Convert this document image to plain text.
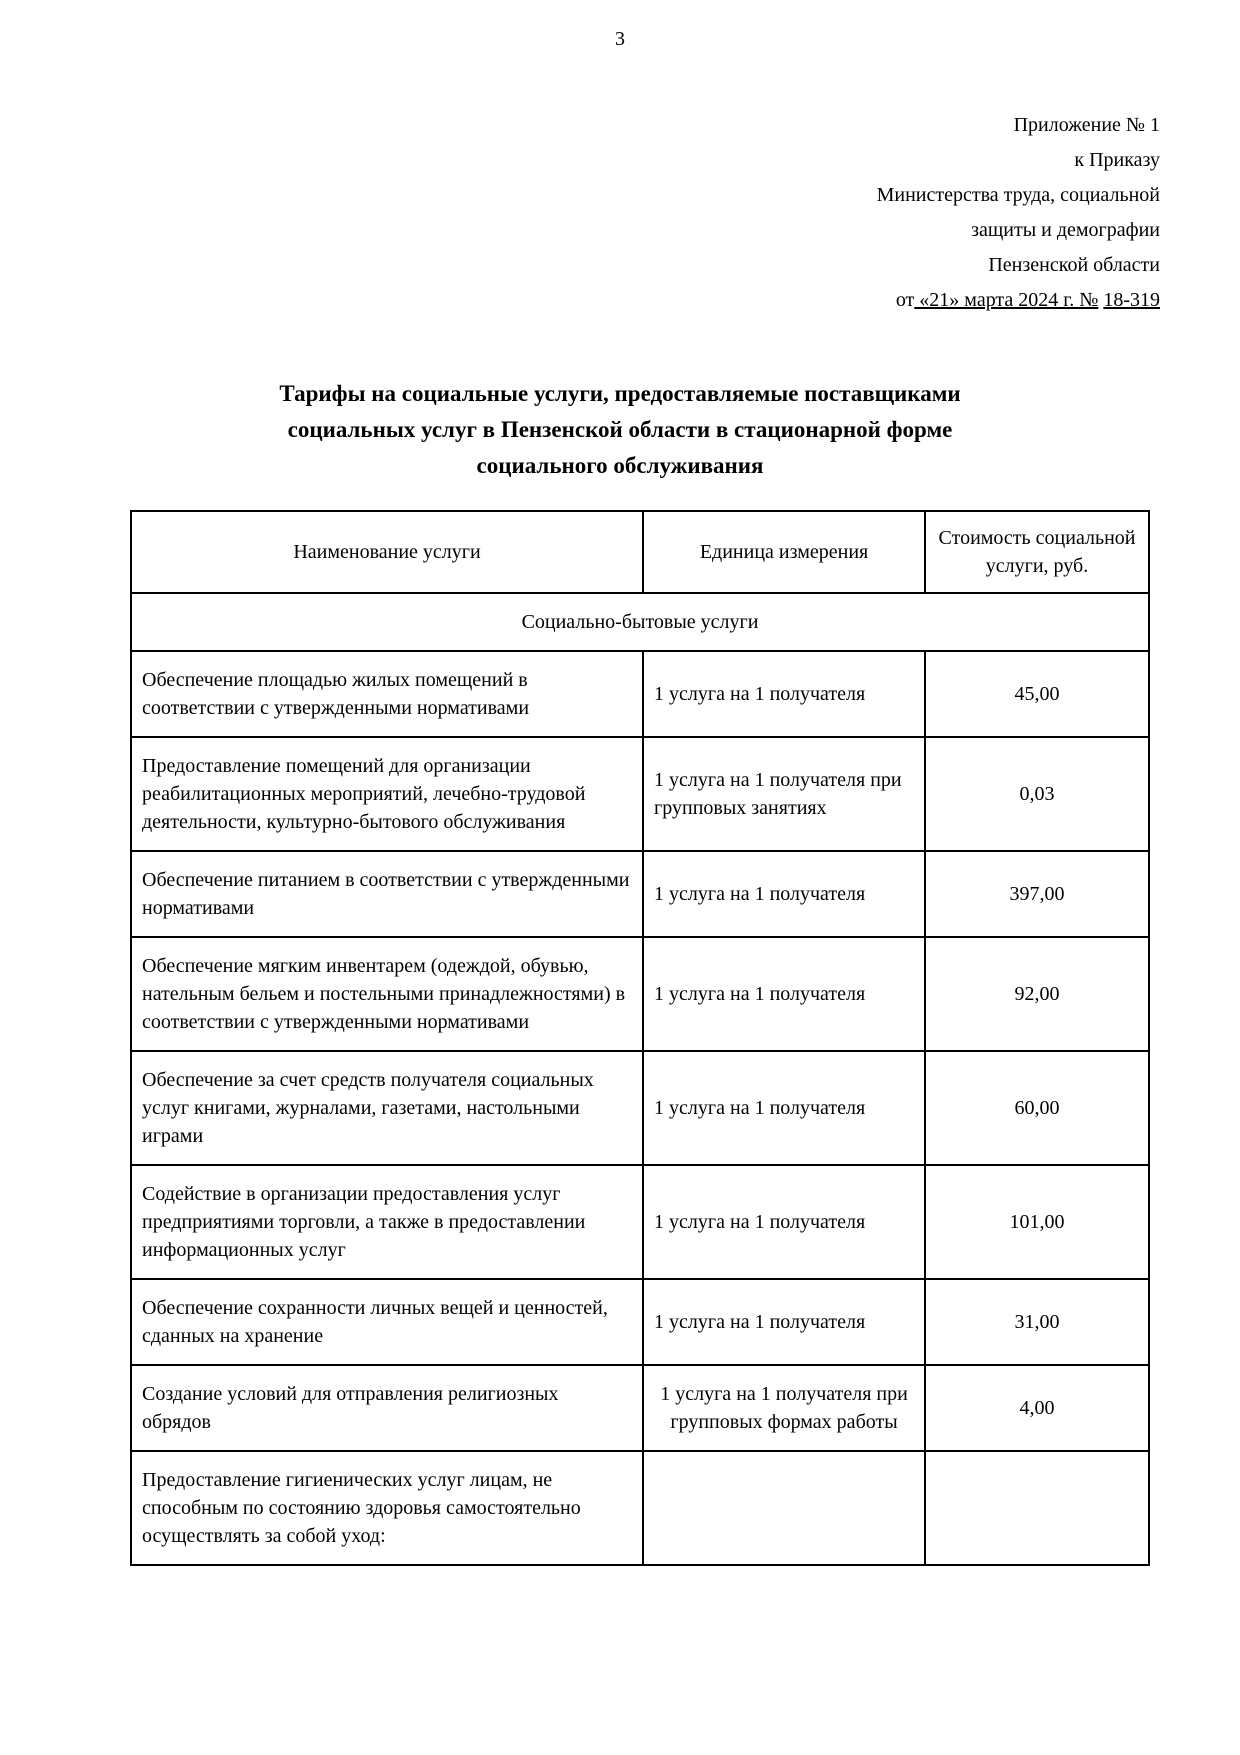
3
Приложение № 1
к Приказу
Министерства труда, социальной
защиты и демографии
Пензенской области
от «21» марта 2024 г. № 18-319
Тарифы на социальные услуги, предоставляемые поставщиками социальных услуг в Пензенской области в стационарной форме социального обслуживания
Наименование услуги	Единица измерения	Стоимость социальной услуги, руб.
Социально-бытовые услуги		
Обеспечение площадью жилых помещений в соответствии с утвержденными нормативами	1 услуга на 1 получателя	45,00
Предоставление помещений для организации реабилитационных мероприятий, лечебно-трудовой деятельности, культурно-бытового обслуживания	1 услуга на 1 получателя при групповых занятиях	0,03
Обеспечение питанием в соответствии с утвержденными нормативами	1 услуга на 1 получателя	397,00
Обеспечение мягким инвентарем (одеждой, обувью, нательным бельем и постельными принадлежностями) в соответствии с утвержденными нормативами	1 услуга на 1 получателя	92,00
Обеспечение за счет средств получателя социальных услуг книгами, журналами, газетами, настольными играми	1 услуга на 1 получателя	60,00
Содействие в организации предоставления услуг предприятиями торговли, а также в предоставлении информационных услуг	1 услуга на 1 получателя	101,00
Обеспечение сохранности личных вещей и ценностей, сданных на хранение	1 услуга на 1 получателя	31,00
Создание условий для отправления религиозных обрядов	1 услуга на 1 получателя при групповых формах работы	4,00
Предоставление гигиенических услуг лицам, не способным по состоянию здоровья самостоятельно осуществлять за собой уход:		
